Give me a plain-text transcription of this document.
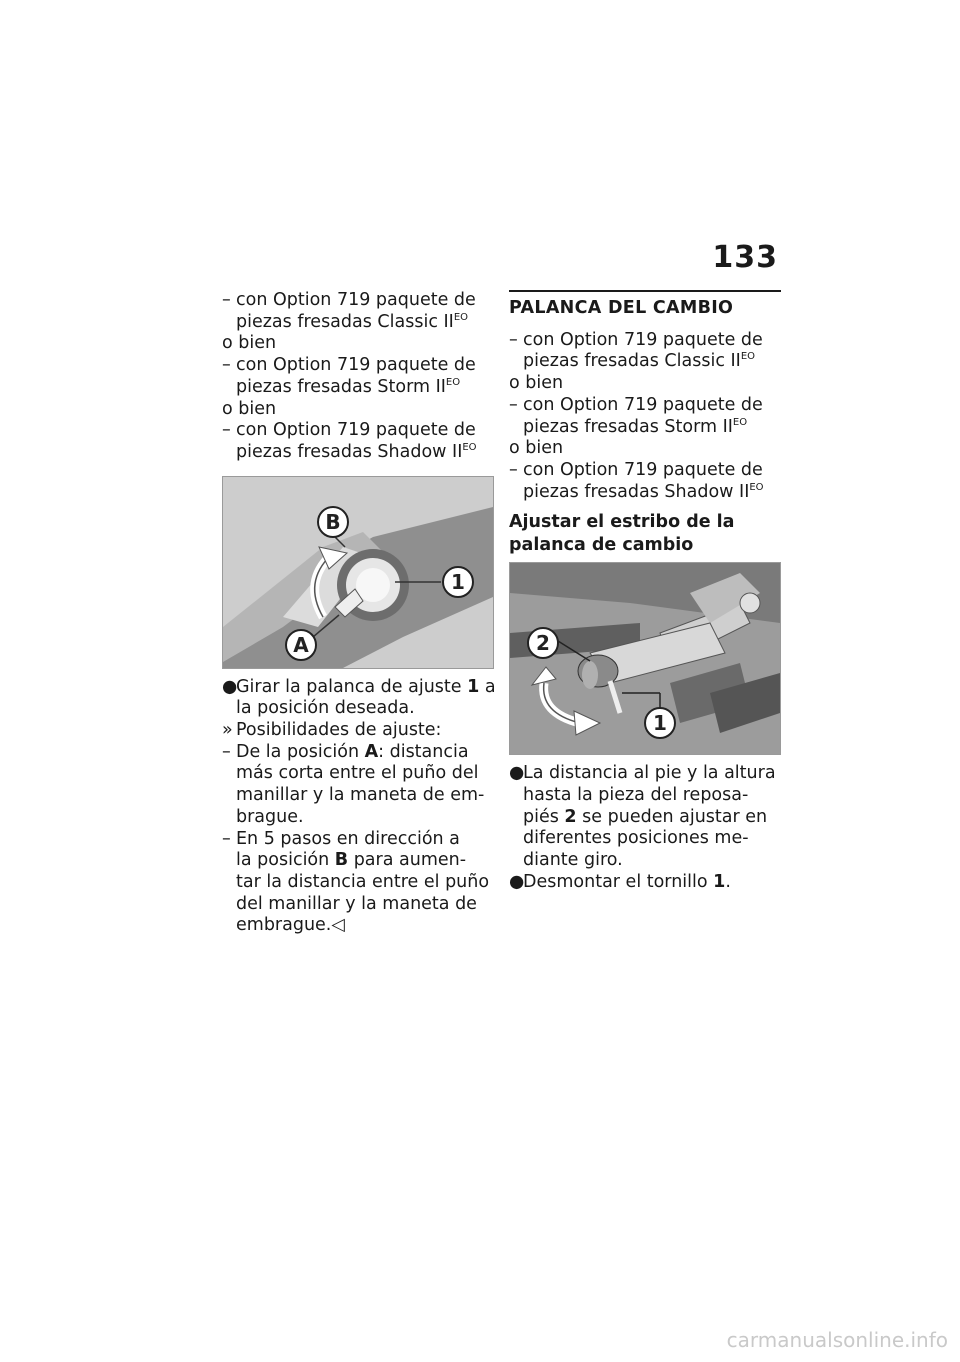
133
– con Option 719 paquete de
piezas fresadas Classic $II^{EO}$
o bien
– con Option 719 paquete de
piezas fresadas Storm $II^{EO}$
o bien
– con Option 719 paquete de
piezas fresadas Shadow $II^{EO}$
B
1
A
●
Girar la palanca de ajuste 1 a
la posición deseada.
» Posibilidades de ajuste:
– De la posición A: distancia
más corta entre el puño del
manillar y la maneta de em-
brague.
– En 5 pasos en dirección a
la posición B para aumen-
tar la distancia entre el puño
del manillar y la maneta de
embrague.◁
PALANCA DEL CAMBIO
– con Option 719 paquete de
piezas fresadas Classic $II^{EO}$
o bien
– con Option 719 paquete de
piezas fresadas Storm $II^{EO}$
o bien
– con Option 719 paquete de
piezas fresadas Shadow $II^{EO}$
Ajustar el estribo de la
palanca de cambio
2
1
●
La distancia al pie y la altura
hasta la pieza del reposa-
piés 2 se pueden ajustar en
diferentes posiciones me-
diante giro.
●
Desmontar el tornillo 1.
carmanualsonline.info
